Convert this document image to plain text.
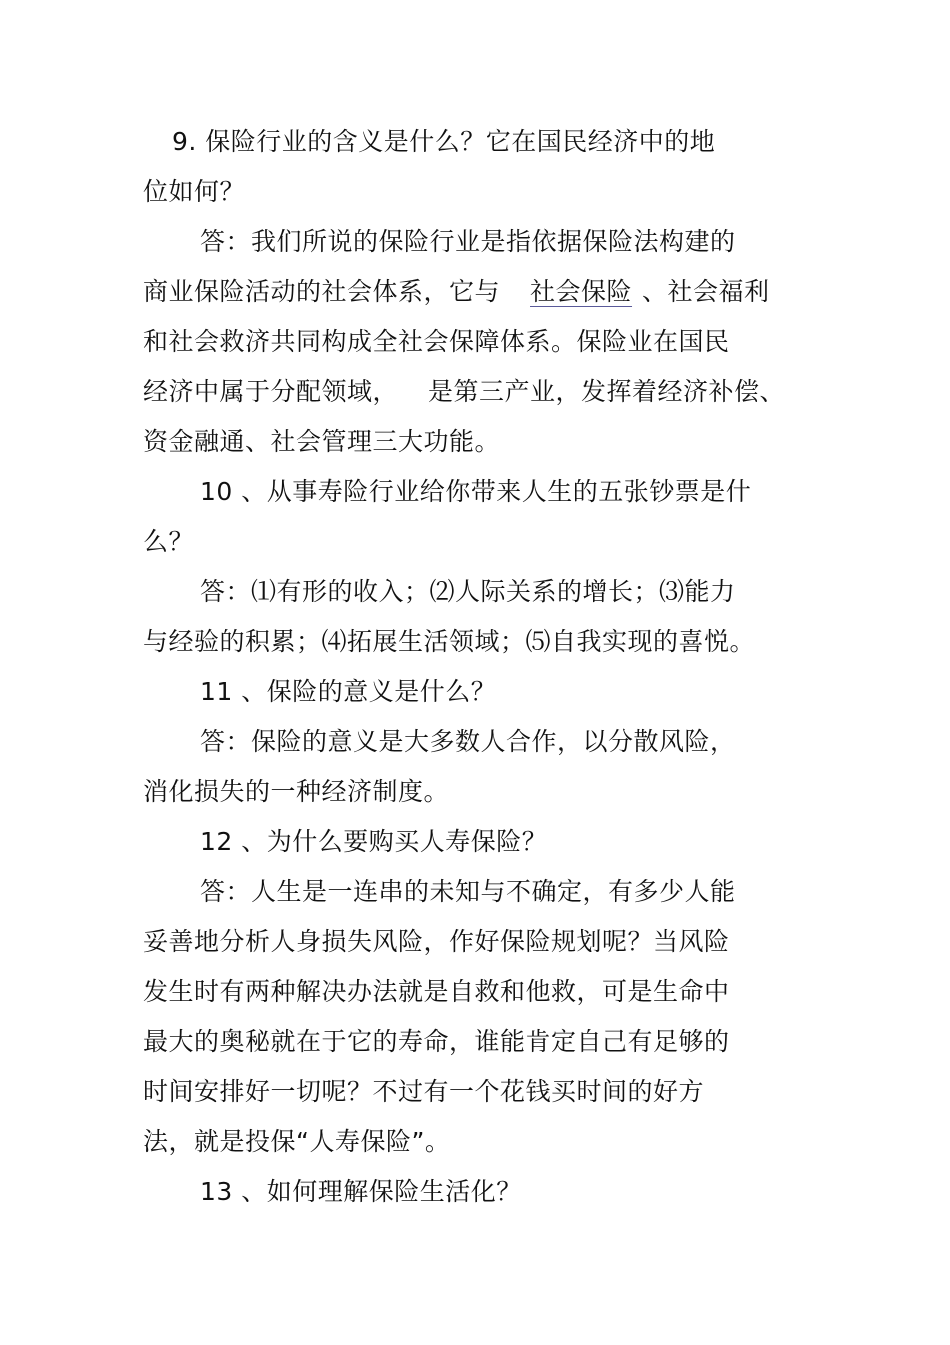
9. 保险行业的含义是什么？它在国民经济中的地
位如何？
答：我们所说的保险行业是指依据保险法构建的
商业保险活动的社会体系，它与 社会保险 、社会福利
和社会救济共同构成全社会保障体系。保险业在国民
经济中属于分配领域， 是第三产业，发挥着经济补偿、
资金融通、社会管理三大功能。
10 、从事寿险行业给你带来人生的五张钞票是什
么？
答：⑴有形的收入；⑵人际关系的增长；⑶能力
与经验的积累；⑷拓展生活领域；⑸自我实现的喜悦。
11 、保险的意义是什么？
答：保险的意义是大多数人合作，以分散风险，
消化损失的一种经济制度。
12 、为什么要购买人寿保险？
答：人生是一连串的未知与不确定，有多少人能
妥善地分析人身损失风险，作好保险规划呢？当风险
发生时有两种解决办法就是自救和他救，可是生命中
最大的奥秘就在于它的寿命，谁能肯定自己有足够的
时间安排好一切呢？不过有一个花钱买时间的好方
法，就是投保“人寿保险”。
13 、如何理解保险生活化？
